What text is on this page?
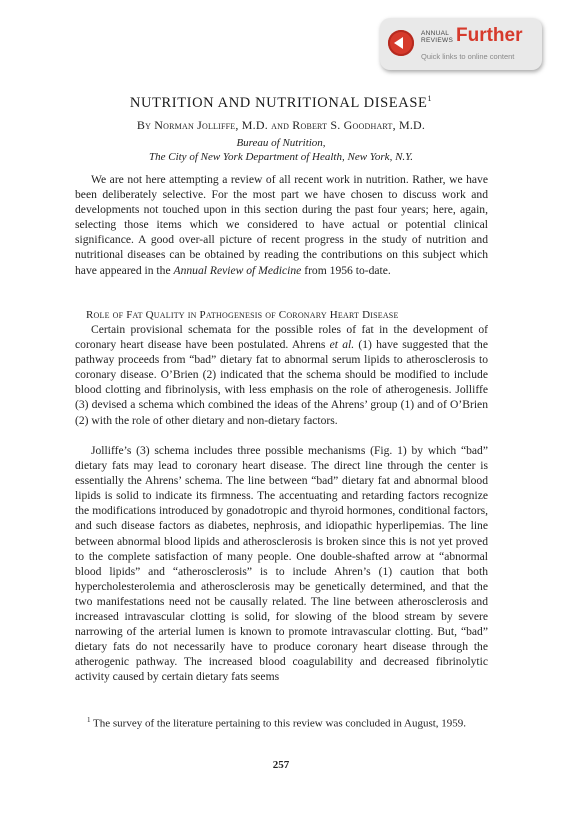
ANNUAL
REVIEWS Further
Quick links to online content
NUTRITION AND NUTRITIONAL DISEASE$^1$
By Norman Jolliffe, M.D. and Robert S. Goodhart, M.D.
Bureau of Nutrition,
The City of New York Department of Health, New York, N.Y.

We are not here attempting a review of all recent work in nutrition. Rather, we have been deliberately selective. For the most part we have chosen to discuss work and developments not touched upon in this section during the past four years; here, again, selecting those items which we considered to have actual or potential clinical significance. A good over-all picture of recent progress in the study of nutrition and nutritional diseases can be obtained by reading the contributions on this subject which have appeared in the Annual Review of Medicine from 1956 to-date.

Role of Fat Quality in Pathogenesis of Coronary Heart Disease

Certain provisional schemata for the possible roles of fat in the development of coronary heart disease have been postulated. Ahrens et al. (1) have suggested that the pathway proceeds from “bad” dietary fat to abnormal serum lipids to atherosclerosis to coronary disease. O’Brien (2) indicated that the schema should be modified to include blood clotting and fibrinolysis, with less emphasis on the role of atherogenesis. Jolliffe (3) devised a schema which combined the ideas of the Ahrens’ group (1) and of O’Brien (2) with the role of other dietary and non-dietary factors.

Jolliffe’s (3) schema includes three possible mechanisms (Fig. 1) by which “bad” dietary fats may lead to coronary heart disease. The direct line through the center is essentially the Ahrens’ schema. The line between “bad” dietary fat and abnormal blood lipids is solid to indicate its firmness. The accentuating and retarding factors recognize the modifications introduced by gonadotropic and thyroid hormones, conditional factors, and such disease factors as diabetes, nephrosis, and idiopathic hyperlipemias. The line between abnormal blood lipids and atherosclerosis is broken since this is not yet proved to the complete satisfaction of many people. One double-shafted arrow at “abnormal blood lipids” and “atherosclerosis” is to include Ahren’s (1) caution that both hypercholesterolemia and atherosclerosis may be genetically determined, and that the two manifestations need not be causally related. The line between atherosclerosis and increased intravascular clotting is solid, for slowing of the blood stream by severe narrowing of the arterial lumen is known to promote intravascular clotting. But, “bad” dietary fats do not necessarily have to produce coronary heart disease through the atherogenic pathway. The increased blood coagulability and decreased fibrinolytic activity caused by certain dietary fats seems

$^1$ The survey of the literature pertaining to this review was concluded in August, 1959.

257
